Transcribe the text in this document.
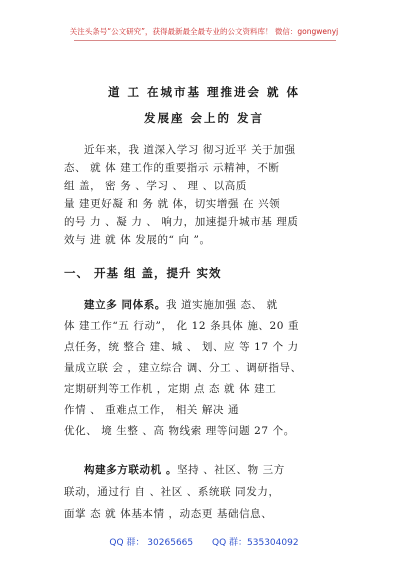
关注头条号“公文研究”，获得最新最全最专业的公文资料库！ 微信：gongwenyj
道 工 在城市基 理推进会 就 体
发展座 会上的 发言
近年来，我 道深入学习 彻习近平 关于加强
态、 就 体 建工作的重要指示 示精神，不断
组 盖， 密 务 、学习 、 理 、以高质
量 建更好凝 和 务 就 体，切实增强 在 兴领
的号 力 、凝 力 、 响力，加速提升城市基 理质
一、 开基 组 盖，提升 实效
建立多 同体系。我 道实施加强 态、 就
体 建工作“五 行动”， 化 12 条具体 施、20 重
点任务，统 整合 建、城 、 划、应 等 17 个 力
量成立联 会 ，建立综合 调、分工 、调研指导、
定期研判等工作机 ，定期 点 态 就 体 建工
作情 、 重难点工作， 相关 解决 通
优化、 境 生整 、高 物线索 理等问题 27 个。
构建多方联动机 。坚持 、社区、物 三方
联动，通过行 自 、社区 、系统联 同发力，
面掌 态 就 体基本情 ，动态更 基础信息、
QQ 群： 30265665 QQ 群：535304092
效与 进 就 体 发展的“ 向 ”。
